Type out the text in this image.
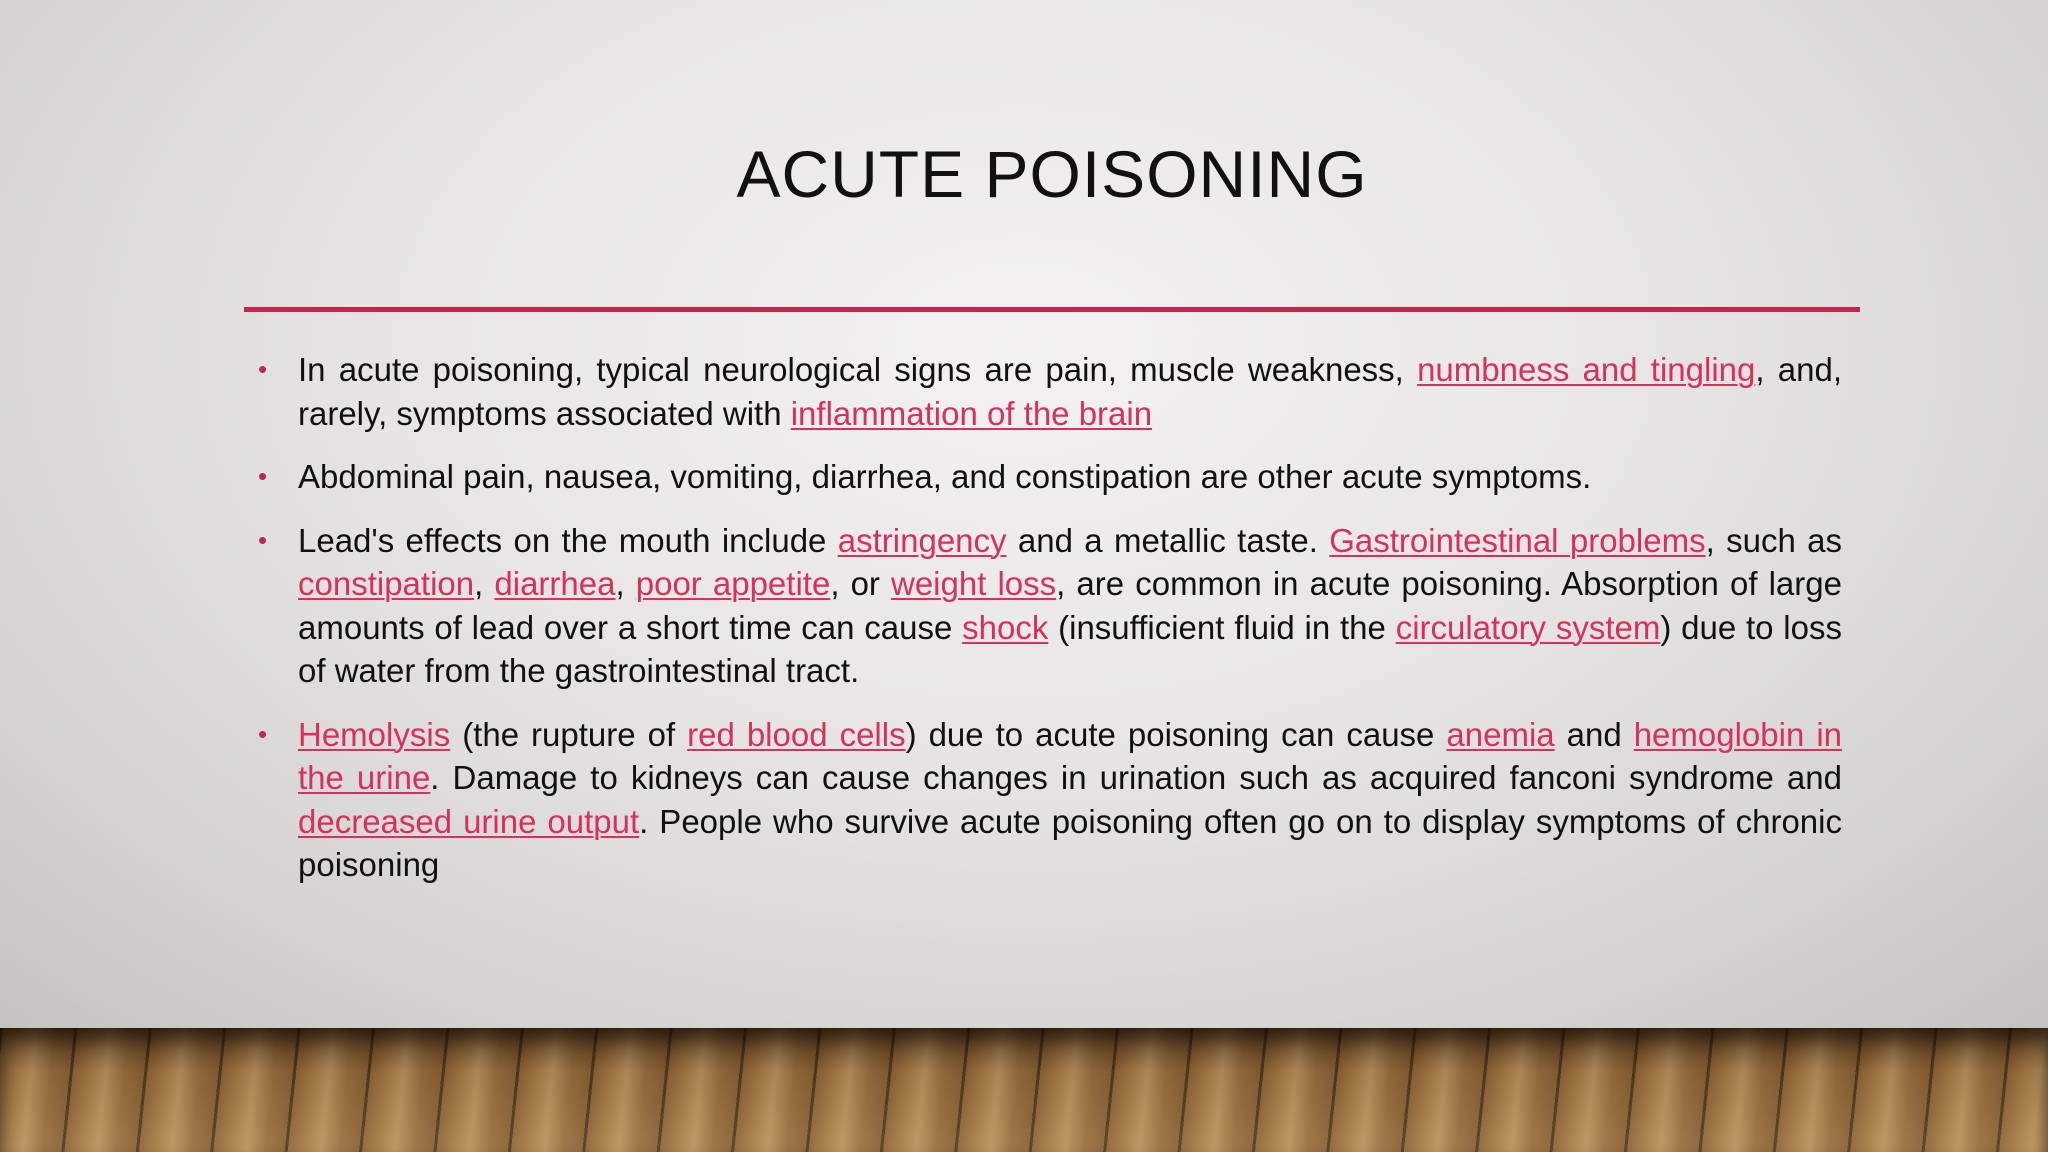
ACUTE POISONING
• In acute poisoning, typical neurological signs are pain, muscle weakness, numbness and tingling, and, rarely, symptoms associated with inflammation of the brain
• Abdominal pain, nausea, vomiting, diarrhea, and constipation are other acute symptoms.
• Lead's effects on the mouth include astringency and a metallic taste. Gastrointestinal problems, such as constipation, diarrhea, poor appetite, or weight loss, are common in acute poisoning. Absorption of large amounts of lead over a short time can cause shock (insufficient fluid in the circulatory system) due to loss of water from the gastrointestinal tract.
• Hemolysis (the rupture of red blood cells) due to acute poisoning can cause anemia and hemoglobin in the urine. Damage to kidneys can cause changes in urination such as acquired fanconi syndrome and decreased urine output. People who survive acute poisoning often go on to display symptoms of chronic poisoning
